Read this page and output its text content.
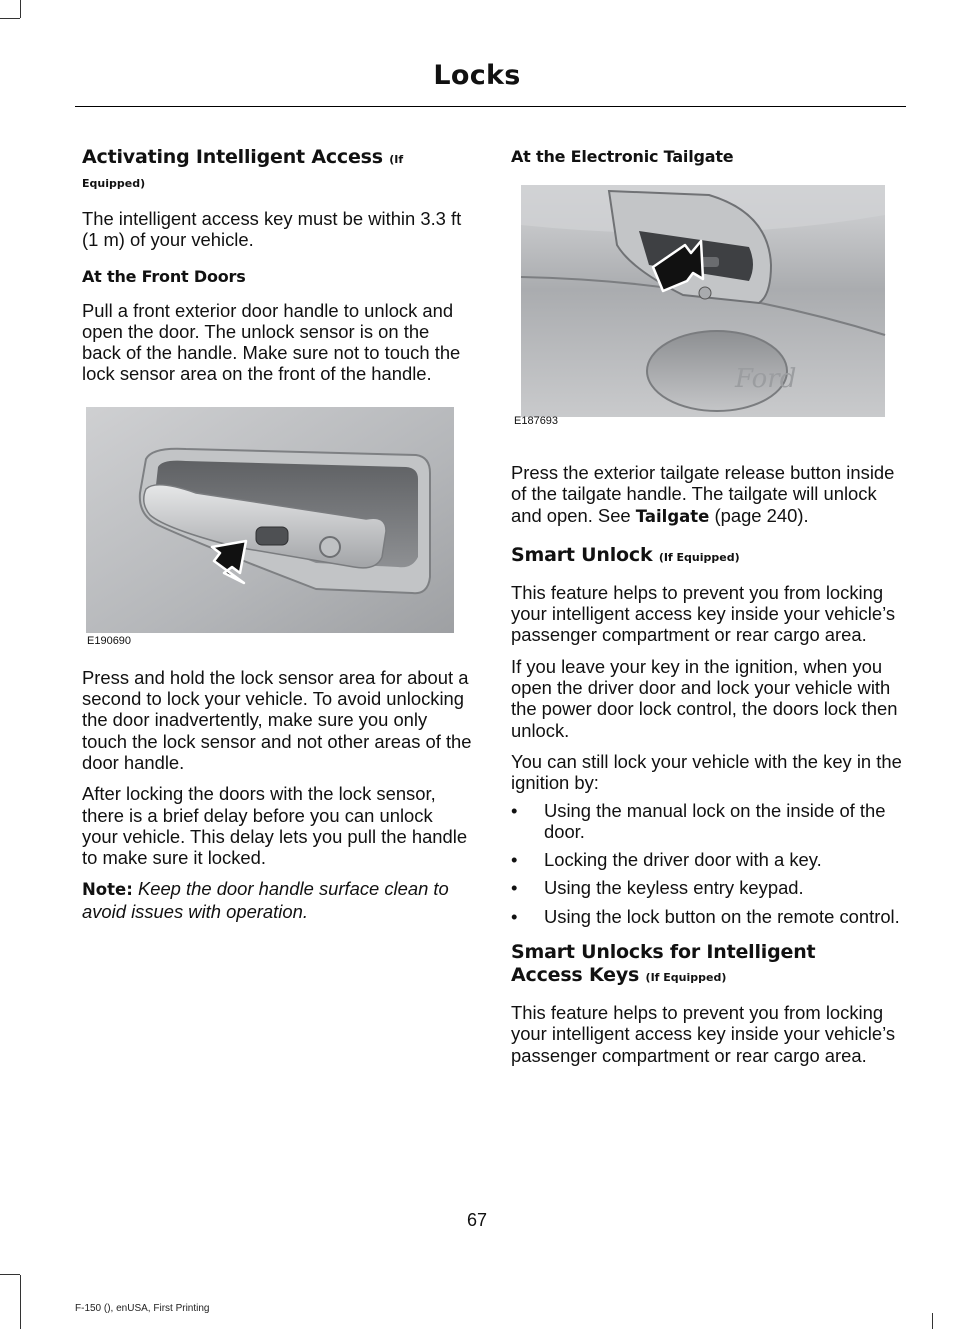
Locks
Activating Intelligent Access (If
Equipped)

The intelligent access key must be within 3.3 ft (1 m) of your vehicle.

At the Front Doors

Pull a front exterior door handle to unlock and open the door. The unlock sensor is on the back of the handle. Make sure not to touch the lock sensor area on the front of the handle.

E190690

Press and hold the lock sensor area for about a second to lock your vehicle. To avoid unlocking the door inadvertently, make sure you only touch the lock sensor and not other areas of the door handle.

After locking the doors with the lock sensor, there is a brief delay before you can unlock your vehicle. This delay lets you pull the handle to make sure it locked.

Note: Keep the door handle surface clean to avoid issues with operation.

At the Electronic Tailgate
Ford
E187693

Press the exterior tailgate release button inside of the tailgate handle. The tailgate will unlock and open. See Tailgate (page 240).

Smart Unlock (If Equipped)

This feature helps to prevent you from locking your intelligent access key inside your vehicle’s passenger compartment or rear cargo area.

If you leave your key in the ignition, when you open the driver door and lock your vehicle with the power door lock control, the doors lock then unlock.

You can still lock your vehicle with the key in the ignition by:

• Using the manual lock on the inside of the door.
• Locking the driver door with a key.
• Using the keyless entry keypad.
• Using the lock button on the remote control.
Smart Unlocks for Intelligent
Access Keys (If Equipped)

This feature helps to prevent you from locking your intelligent access key inside your vehicle’s passenger compartment or rear cargo area.

67
F-150 (), enUSA, First Printing
